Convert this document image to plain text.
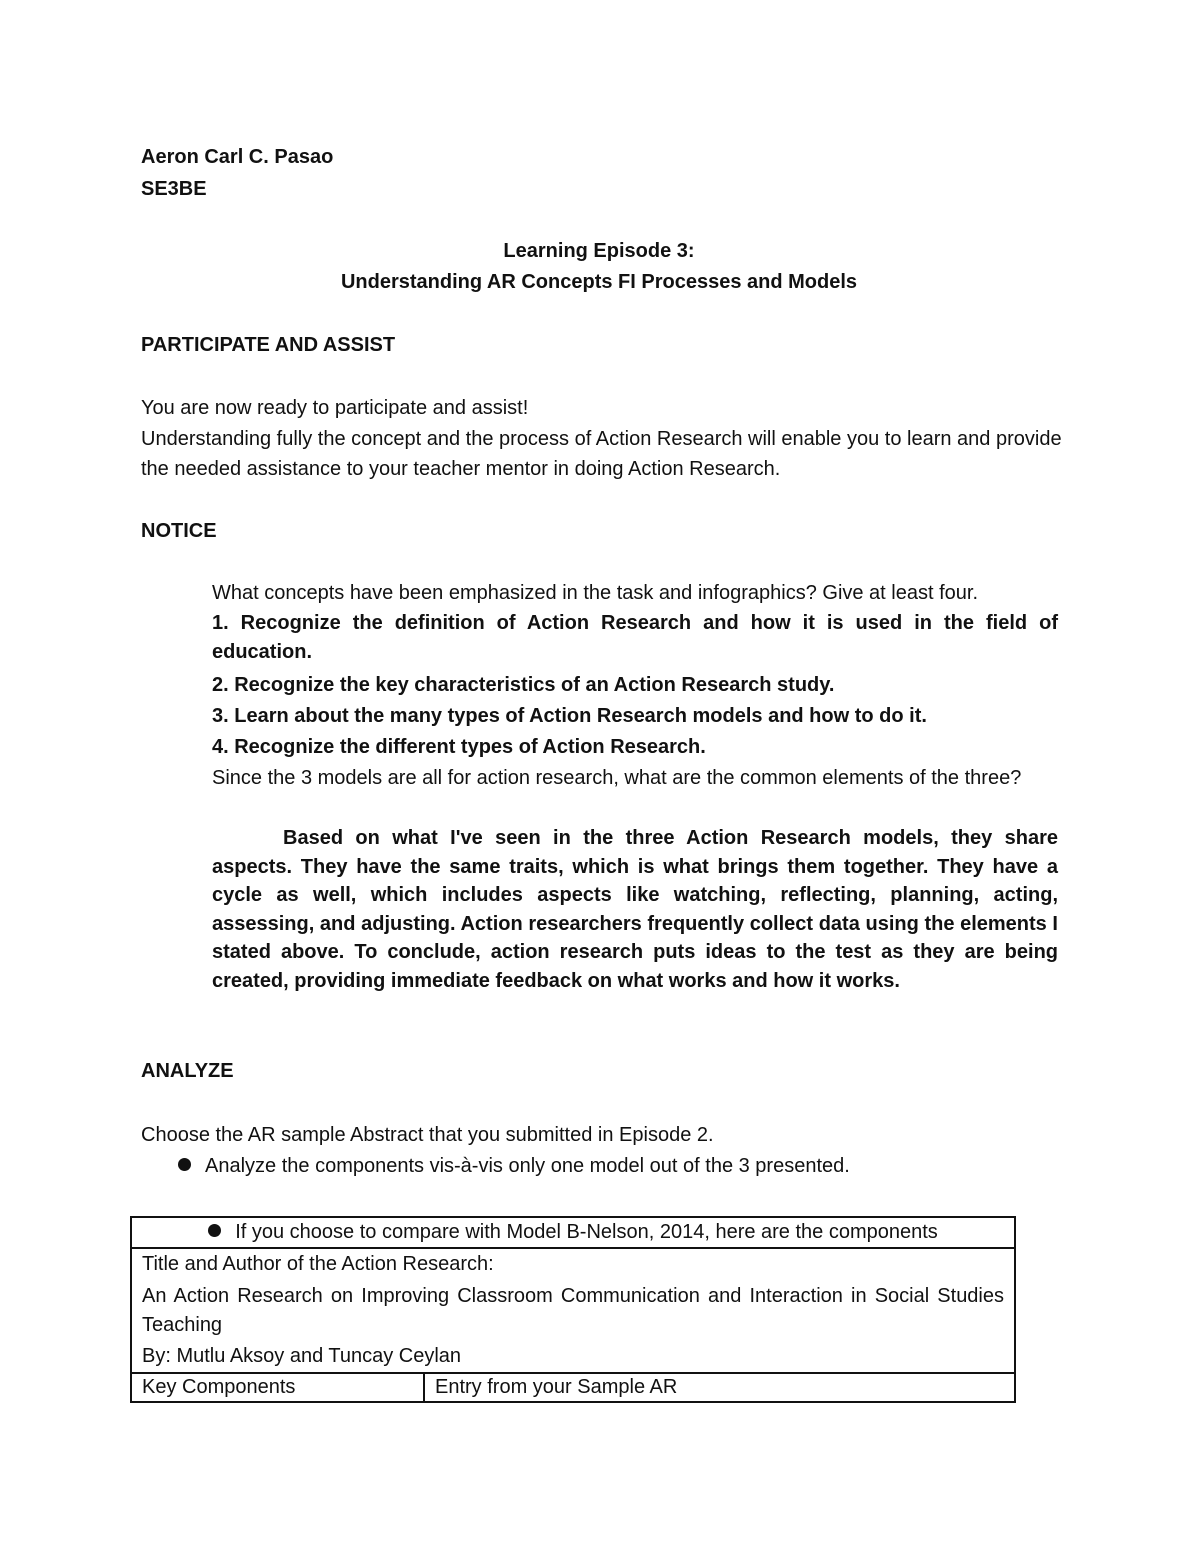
Aeron Carl C. Pasao
SE3BE
Learning Episode 3:
Understanding AR Concepts FI Processes and Models
PARTICIPATE AND ASSIST
You are now ready to participate and assist!
Understanding fully the concept and the process of Action Research will enable you to learn and provide the needed assistance to your teacher mentor in doing Action Research.
NOTICE
What concepts have been emphasized in the task and infographics? Give at least four.
1. Recognize the definition of Action Research and how it is used in the field of education.
2. Recognize the key characteristics of an Action Research study.
3. Learn about the many types of Action Research models and how to do it.
4. Recognize the different types of Action Research.
Since the 3 models are all for action research, what are the common elements of the three?
Based on what I've seen in the three Action Research models, they share aspects. They have the same traits, which is what brings them together. They have a cycle as well, which includes aspects like watching, reflecting, planning, acting, assessing, and adjusting. Action researchers frequently collect data using the elements I stated above. To conclude, action research puts ideas to the test as they are being created, providing immediate feedback on what works and how it works.
ANALYZE
Choose the AR sample Abstract that you submitted in Episode 2.
Analyze the components vis-à-vis only one model out of the 3 presented.
If you choose to compare with Model B-Nelson, 2014, here are the components

Title and Author of the Action Research:
An Action Research on Improving Classroom Communication and Interaction in Social Studies Teaching
By: Mutlu Aksoy and Tuncay Ceylan

Key Components	Entry from your Sample AR
